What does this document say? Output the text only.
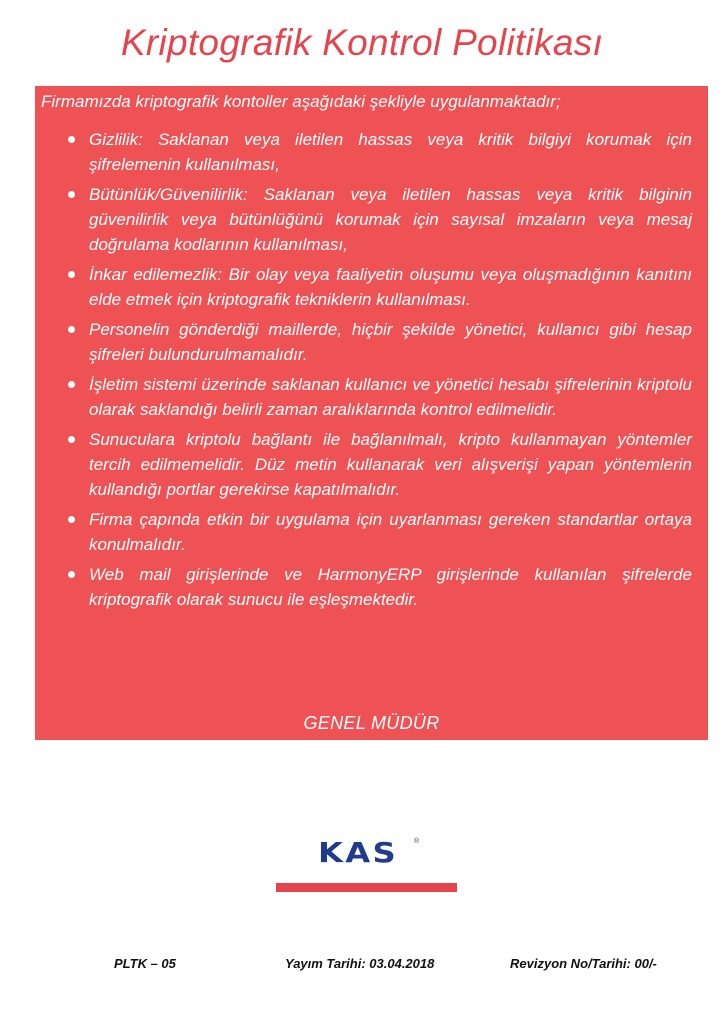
Kriptografik Kontrol Politikası

Firmamızda kriptografik kontoller aşağıdaki şekliyle uygulanmaktadır;

Gizlilik: Saklanan veya iletilen hassas veya kritik bilgiyi korumak için şifrelemenin kullanılması,
Bütünlük/Güvenilirlik: Saklanan veya iletilen hassas veya kritik bilginin güvenilirlik veya bütünlüğünü korumak için sayısal imzaların veya mesaj doğrulama kodlarının kullanılması,
İnkar edilemezlik: Bir olay veya faaliyetin oluşumu veya oluşmadığının kanıtını elde etmek için kriptografik tekniklerin kullanılması.
Personelin gönderdiği maillerde, hiçbir şekilde yönetici, kullanıcı gibi hesap şifreleri bulundurulmamalıdır.
İşletim sistemi üzerinde saklanan kullanıcı ve yönetici hesabı şifrelerinin kriptolu olarak saklandığı belirli zaman aralıklarında kontrol edilmelidir.
Sunuculara kriptolu bağlantı ile bağlanılmalı, kripto kullanmayan yöntemler tercih edilmemelidir. Düz metin kullanarak veri alışverişi yapan yöntemlerin kullandığı portlar gerekirse kapatılmalıdır.
Firma çapında etkin bir uygulama için uyarlanması gereken standartlar ortaya konulmalıdır.
Web mail girişlerinde ve HarmonyERP girişlerinde kullanılan şifrelerde kriptografik olarak sunucu ile eşleşmektedir.
GENEL MÜDÜR
KAS ®
PLTK – 05	Yayım Tarihi: 03.04.2018	Revizyon No/Tarihi: 00/-
